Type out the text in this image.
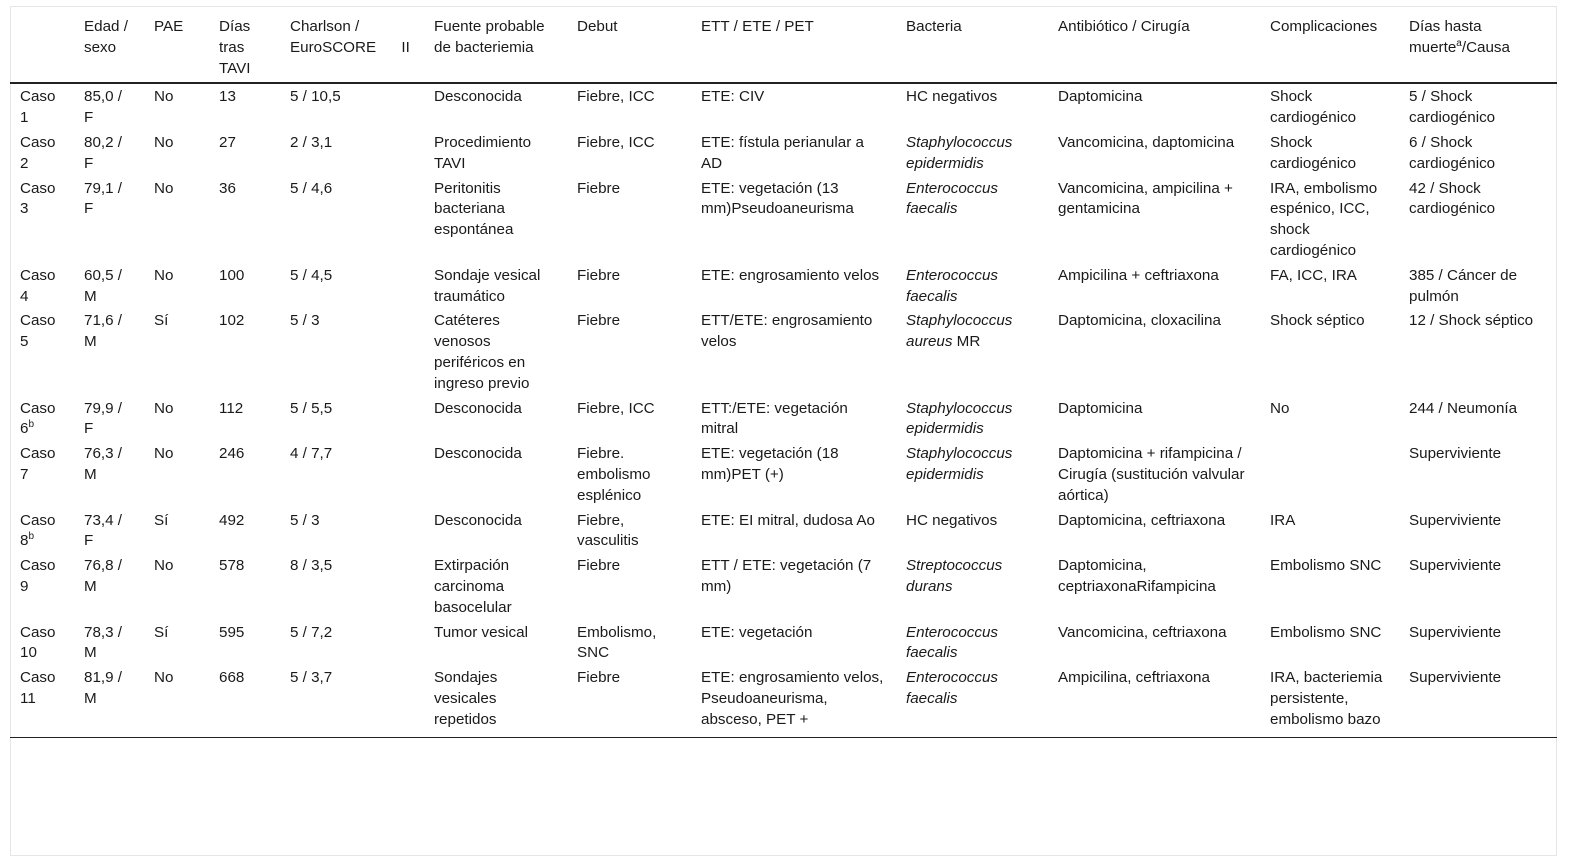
	Edad / sexo	PAE	Días tras TAVI	Charlson / EuroSCORE      II	Fuente probable de bacteriemia	Debut	ETT / ETE / PET	Bacteria	Antibiótico / Cirugía	Complicaciones	Días hasta muerte$^a$/Causa
Caso 1	85,0 / F	No	13	5 / 10,5	Desconocida	Fiebre, ICC	ETE: CIV	HC negativos	Daptomicina	Shock cardiogénico	5 / Shock cardiogénico
Caso 2	80,2 / F	No	27	2 / 3,1	Procedimiento TAVI	Fiebre, ICC	ETE: fístula perianular a AD	Staphylococcus epidermidis	Vancomicina, daptomicina	Shock cardiogénico	6 / Shock cardiogénico
Caso 3	79,1 / F	No	36	5 / 4,6	Peritonitis bacteriana espontánea	Fiebre	ETE: vegetación (13 mm)Pseudoaneurisma	Enterococcus faecalis	Vancomicina, ampicilina + gentamicina	IRA, embolismo espénico, ICC, shock cardiogénico	42 / Shock cardiogénico
Caso 4	60,5 / M	No	100	5 / 4,5	Sondaje vesical traumático	Fiebre	ETE: engrosamiento velos	Enterococcus faecalis	Ampicilina + ceftriaxona	FA, ICC, IRA	385 / Cáncer de pulmón
Caso 5	71,6 / M	Sí	102	5 / 3	Catéteres venosos periféricos en ingreso previo	Fiebre	ETT/ETE: engrosamiento velos	Staphylococcus aureus MR	Daptomicina, cloxacilina	Shock séptico	12 / Shock séptico
Caso 6$^b$	79,9 / F	No	112	5 / 5,5	Desconocida	Fiebre, ICC	ETT:/ETE: vegetación mitral	Staphylococcus epidermidis	Daptomicina	No	244 / Neumonía
Caso 7	76,3 / M	No	246	4 / 7,7	Desconocida	Fiebre. embolismo esplénico	ETE: vegetación (18 mm)PET (+)	Staphylococcus epidermidis	Daptomicina + rifampicina / Cirugía (sustitución valvular aórtica)		Superviviente
Caso 8$^b$	73,4 / F	Sí	492	5 / 3	Desconocida	Fiebre, vasculitis	ETE: EI mitral, dudosa Ao	HC negativos	Daptomicina, ceftriaxona	IRA	Superviviente
Caso 9	76,8 / M	No	578	8 / 3,5	Extirpación carcinoma basocelular	Fiebre	ETT / ETE: vegetación (7 mm)	Streptococcus durans	Daptomicina, ceptriaxonaRifampicina	Embolismo SNC	Superviviente
Caso 10	78,3 / M	Sí	595	5 / 7,2	Tumor vesical	Embolismo, SNC	ETE: vegetación	Enterococcus faecalis	Vancomicina, ceftriaxona	Embolismo SNC	Superviviente
Caso 11	81,9 / M	No	668	5 / 3,7	Sondajes vesicales repetidos	Fiebre	ETE: engrosamiento velos, Pseudoaneurisma, absceso, PET +	Enterococcus faecalis	Ampicilina, ceftriaxona	IRA, bacteriemia persistente, embolismo bazo	Superviviente
